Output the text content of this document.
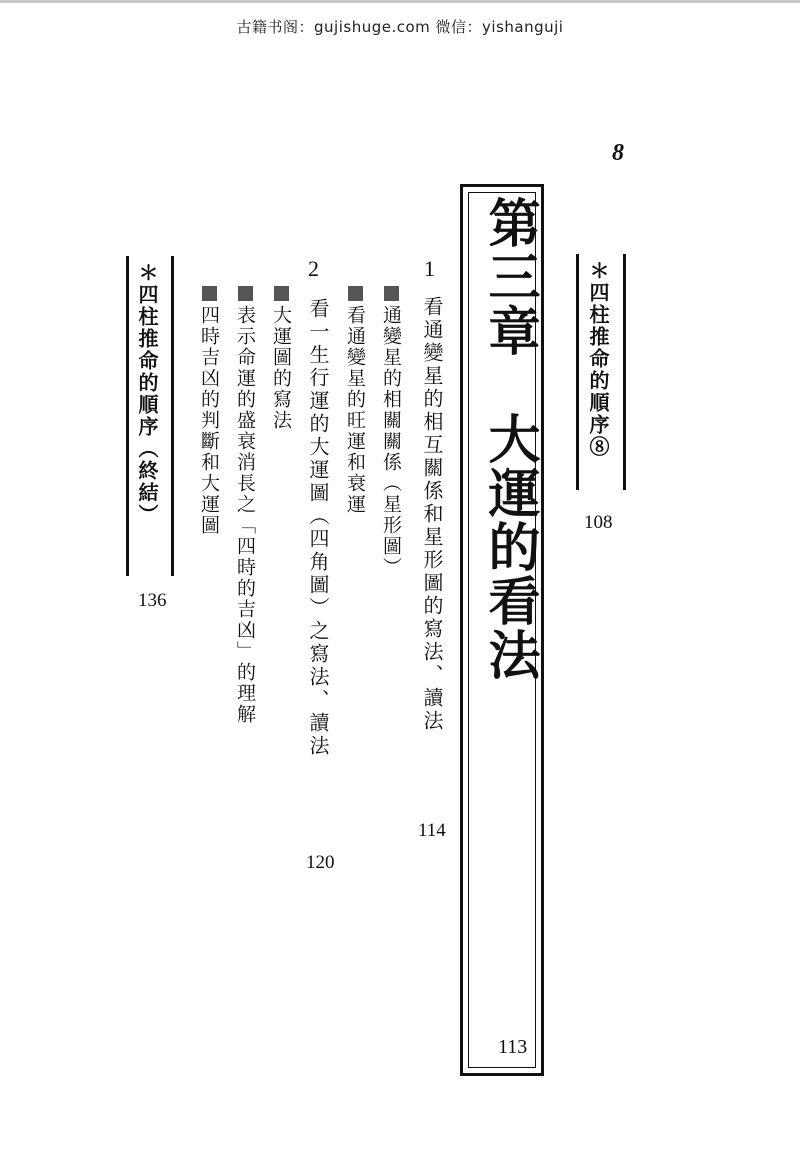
古籍书阁：gujishuge.com 微信：yishanguji
8
＊四柱推命的順序⑧
108
第三章　大運的看法
113
1
看通變星的相互關係和星形圖的寫法、讀法
114
通變星的相關關係（星形圖）
看通變星的旺運和衰運
2
看一生行運的大運圖（四角圖）之寫法、讀法
120
大運圖的寫法
表示命運的盛衰消長之「四時的吉凶」的理解
四時吉凶的判斷和大運圖
＊四柱推命的順序（終結）
136
